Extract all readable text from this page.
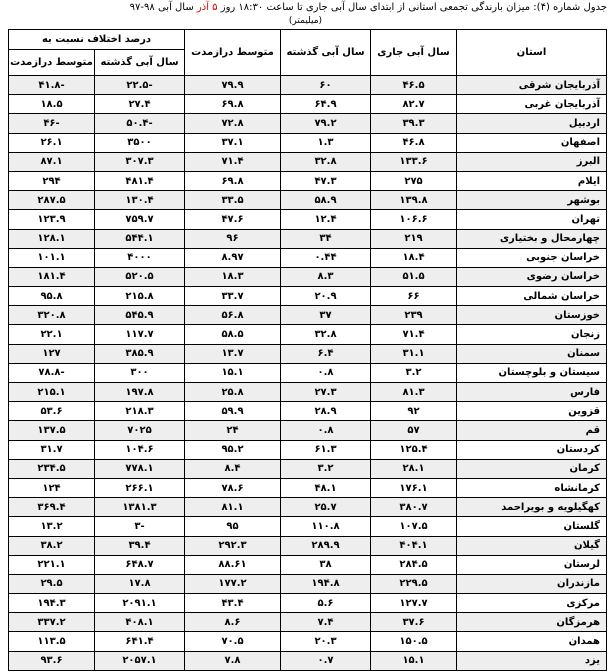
جدول شماره (۴): میزان بارندگی تجمعی استانی از ابتدای سال آبی جاری تا ساعت ۱۸:۳۰ روز ۵ آذر سال آبی ۹۸-۹۷
(میلیمتر)
استان	سال آبی جاری	سال آبی گذشته	متوسط درازمدت	درصد اختلاف نسبت به	
				سال آبی گذشته	متوسط درازمدت
آذربایجان شرقی	۴۶.۵	۶۰	۷۹.۹	-۲۲.۵	-۴۱.۸
آذربایجان غربی	۸۲.۷	۶۴.۹	۶۹.۸	۲۷.۴	۱۸.۵
اردبیل	۳۹.۳	۷۹.۲	۷۲.۸	-۵۰.۴	-۴۶
اصفهان	۴۶.۸	۱.۳	۳۷.۱	۳۵۰۰	۲۶.۱
البرز	۱۳۳.۶	۳۲.۸	۷۱.۴	۳۰۷.۳	۸۷.۱
ایلام	۲۷۵	۴۷.۳	۶۹.۸	۴۸۱.۴	۲۹۴
بوشهر	۱۳۹.۸	۵۸.۹	۳۳.۵	۱۳۰.۴	۲۸۷.۵
تهران	۱۰۶.۶	۱۲.۴	۴۷.۶	۷۵۹.۷	۱۲۳.۹
چهارمحال و بختیاری	۲۱۹	۳۴	۹۶	۵۴۴.۱	۱۲۸.۱
خراسان جنوبی	۱۸.۴	۰.۴۴	۸.۹۷	۴۰۰۰	۱۰۱.۱
خراسان رضوی	۵۱.۵	۸.۳	۱۸.۳	۵۲۰.۵	۱۸۱.۴
خراسان شمالی	۶۶	۲۰.۹	۳۳.۷	۲۱۵.۸	۹۵.۸
خوزستان	۲۳۹	۳۷	۵۶.۸	۵۴۵.۹	۳۲۰.۸
زنجان	۷۱.۴	۳۲.۸	۵۸.۵	۱۱۷.۷	۲۲.۱
سمنان	۳۱.۱	۶.۴	۱۳.۷	۳۸۵.۹	۱۲۷
سیستان و بلوچستان	۳.۲	۰.۸	۱۵.۱	۳۰۰	-۷۸.۸
فارس	۸۱.۳	۲۷.۳	۲۵.۸	۱۹۷.۸	۲۱۵.۱
قزوین	۹۲	۲۸.۹	۵۹.۹	۲۱۸.۳	۵۳.۶
قم	۵۷	۰.۸	۲۴	۷۰۲۵	۱۳۷.۵
کردستان	۱۲۵.۴	۶۱.۳	۹۵.۲	۱۰۴.۶	۳۱.۷
کرمان	۲۸.۱	۳.۲	۸.۴	۷۷۸.۱	۲۳۴.۵
کرمانشاه	۱۷۶.۱	۴۸.۱	۷۸.۶	۲۶۶.۱	۱۲۴
کهگیلویه و بویراحمد	۳۸۰.۷	۲۵.۷	۸۱.۱	۱۳۸۱.۳	۳۶۹.۴
گلستان	۱۰۷.۵	۱۱۰.۸	۹۵	-۳	۱۳.۲
گیلان	۴۰۴.۱	۲۸۹.۹	۲۹۲.۳	۳۹.۴	۳۸.۲
لرستان	۲۸۴.۵	۳۸	۸۸.۶۱	۶۴۸.۷	۲۲۱.۱
مازندران	۲۲۹.۵	۱۹۴.۸	۱۷۷.۲	۱۷.۸	۲۹.۵
مرکزی	۱۲۷.۷	۵.۶	۴۳.۴	۲۰۹۱.۱	۱۹۴.۳
هرمزگان	۳۷.۶	۷.۴	۸.۶	۴۰۸.۱	۳۳۷.۲
همدان	۱۵۰.۵	۲۰.۳	۷۰.۵	۶۴۱.۴	۱۱۳.۵
یزد	۱۵.۱	۰.۷	۷.۸	۲۰۵۷.۱	۹۳.۶
